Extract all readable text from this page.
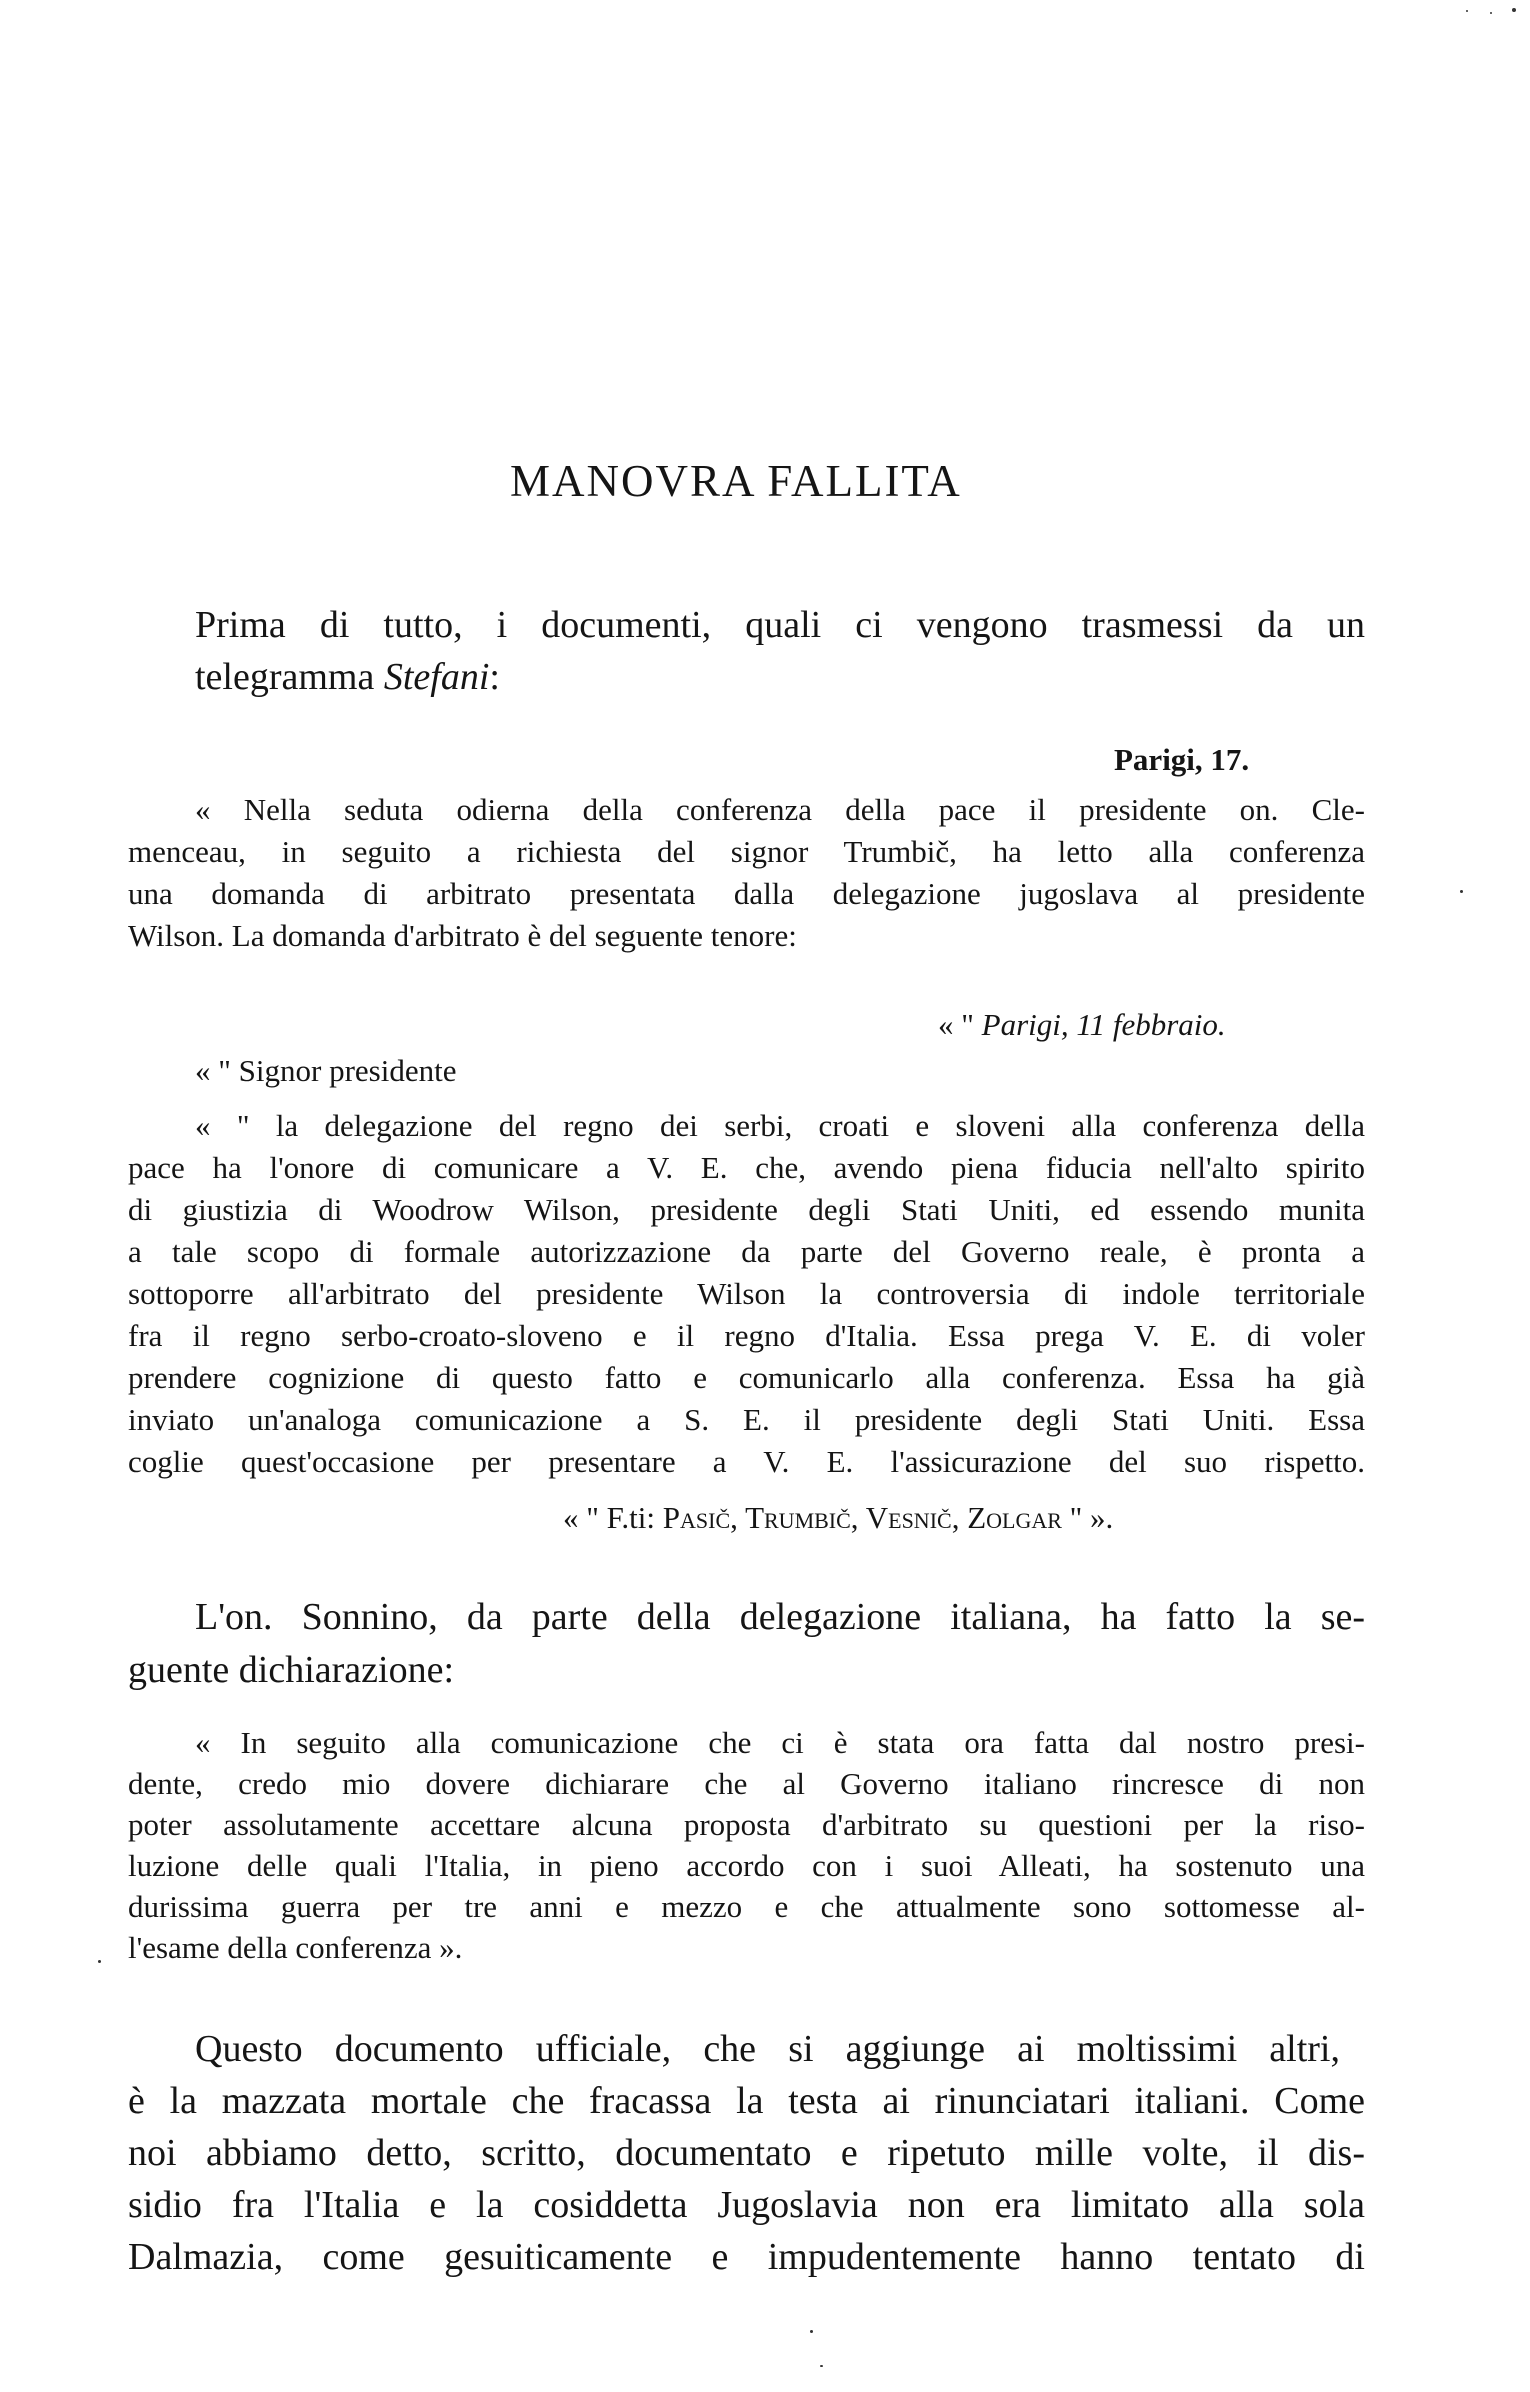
MANOVRA FALLITA

Prima di tutto, i documenti, quali ci vengono trasmessi da un

telegramma Stefani:

Parigi, 17.

« Nella seduta odierna della conferenza della pace il presidente on. Cle-

menceau, in seguito a richiesta del signor Trumbič, ha letto alla conferenza

una domanda di arbitrato presentata dalla delegazione jugoslava al presidente

Wilson. La domanda d'arbitrato è del seguente tenore:

« " Parigi, 11 febbraio.

« " Signor presidente

« " la delegazione del regno dei serbi, croati e sloveni alla conferenza della

pace ha l'onore di comunicare a V. E. che, avendo piena fiducia nell'alto spirito

di giustizia di Woodrow Wilson, presidente degli Stati Uniti, ed essendo munita

a tale scopo di formale autorizzazione da parte del Governo reale, è pronta a

sottoporre all'arbitrato del presidente Wilson la controversia di indole territoriale

fra il regno serbo-croato-sloveno e il regno d'Italia. Essa prega V. E. di voler

prendere cognizione di questo fatto e comunicarlo alla conferenza. Essa ha già

inviato un'analoga comunicazione a S. E. il presidente degli Stati Uniti. Essa

coglie quest'occasione per presentare a V. E. l'assicurazione del suo rispetto.

« " F.ti: Pasič, Trumbič, Vesnič, Zolgar " ».

L'on. Sonnino, da parte della delegazione italiana, ha fatto la se-

guente dichiarazione:

« In seguito alla comunicazione che ci è stata ora fatta dal nostro presi-

dente, credo mio dovere dichiarare che al Governo italiano rincresce di non

poter assolutamente accettare alcuna proposta d'arbitrato su questioni per la riso-

luzione delle quali l'Italia, in pieno accordo con i suoi Alleati, ha sostenuto una

durissima guerra per tre anni e mezzo e che attualmente sono sottomesse al-

l'esame della conferenza ».

Questo documento ufficiale, che si aggiunge ai moltissimi altri,

è la mazzata mortale che fracassa la testa ai rinunciatari italiani. Come

noi abbiamo detto, scritto, documentato e ripetuto mille volte, il dis-

sidio fra l'Italia e la cosiddetta Jugoslavia non era limitato alla sola

Dalmazia, come gesuiticamente e impudentemente hanno tentato di
